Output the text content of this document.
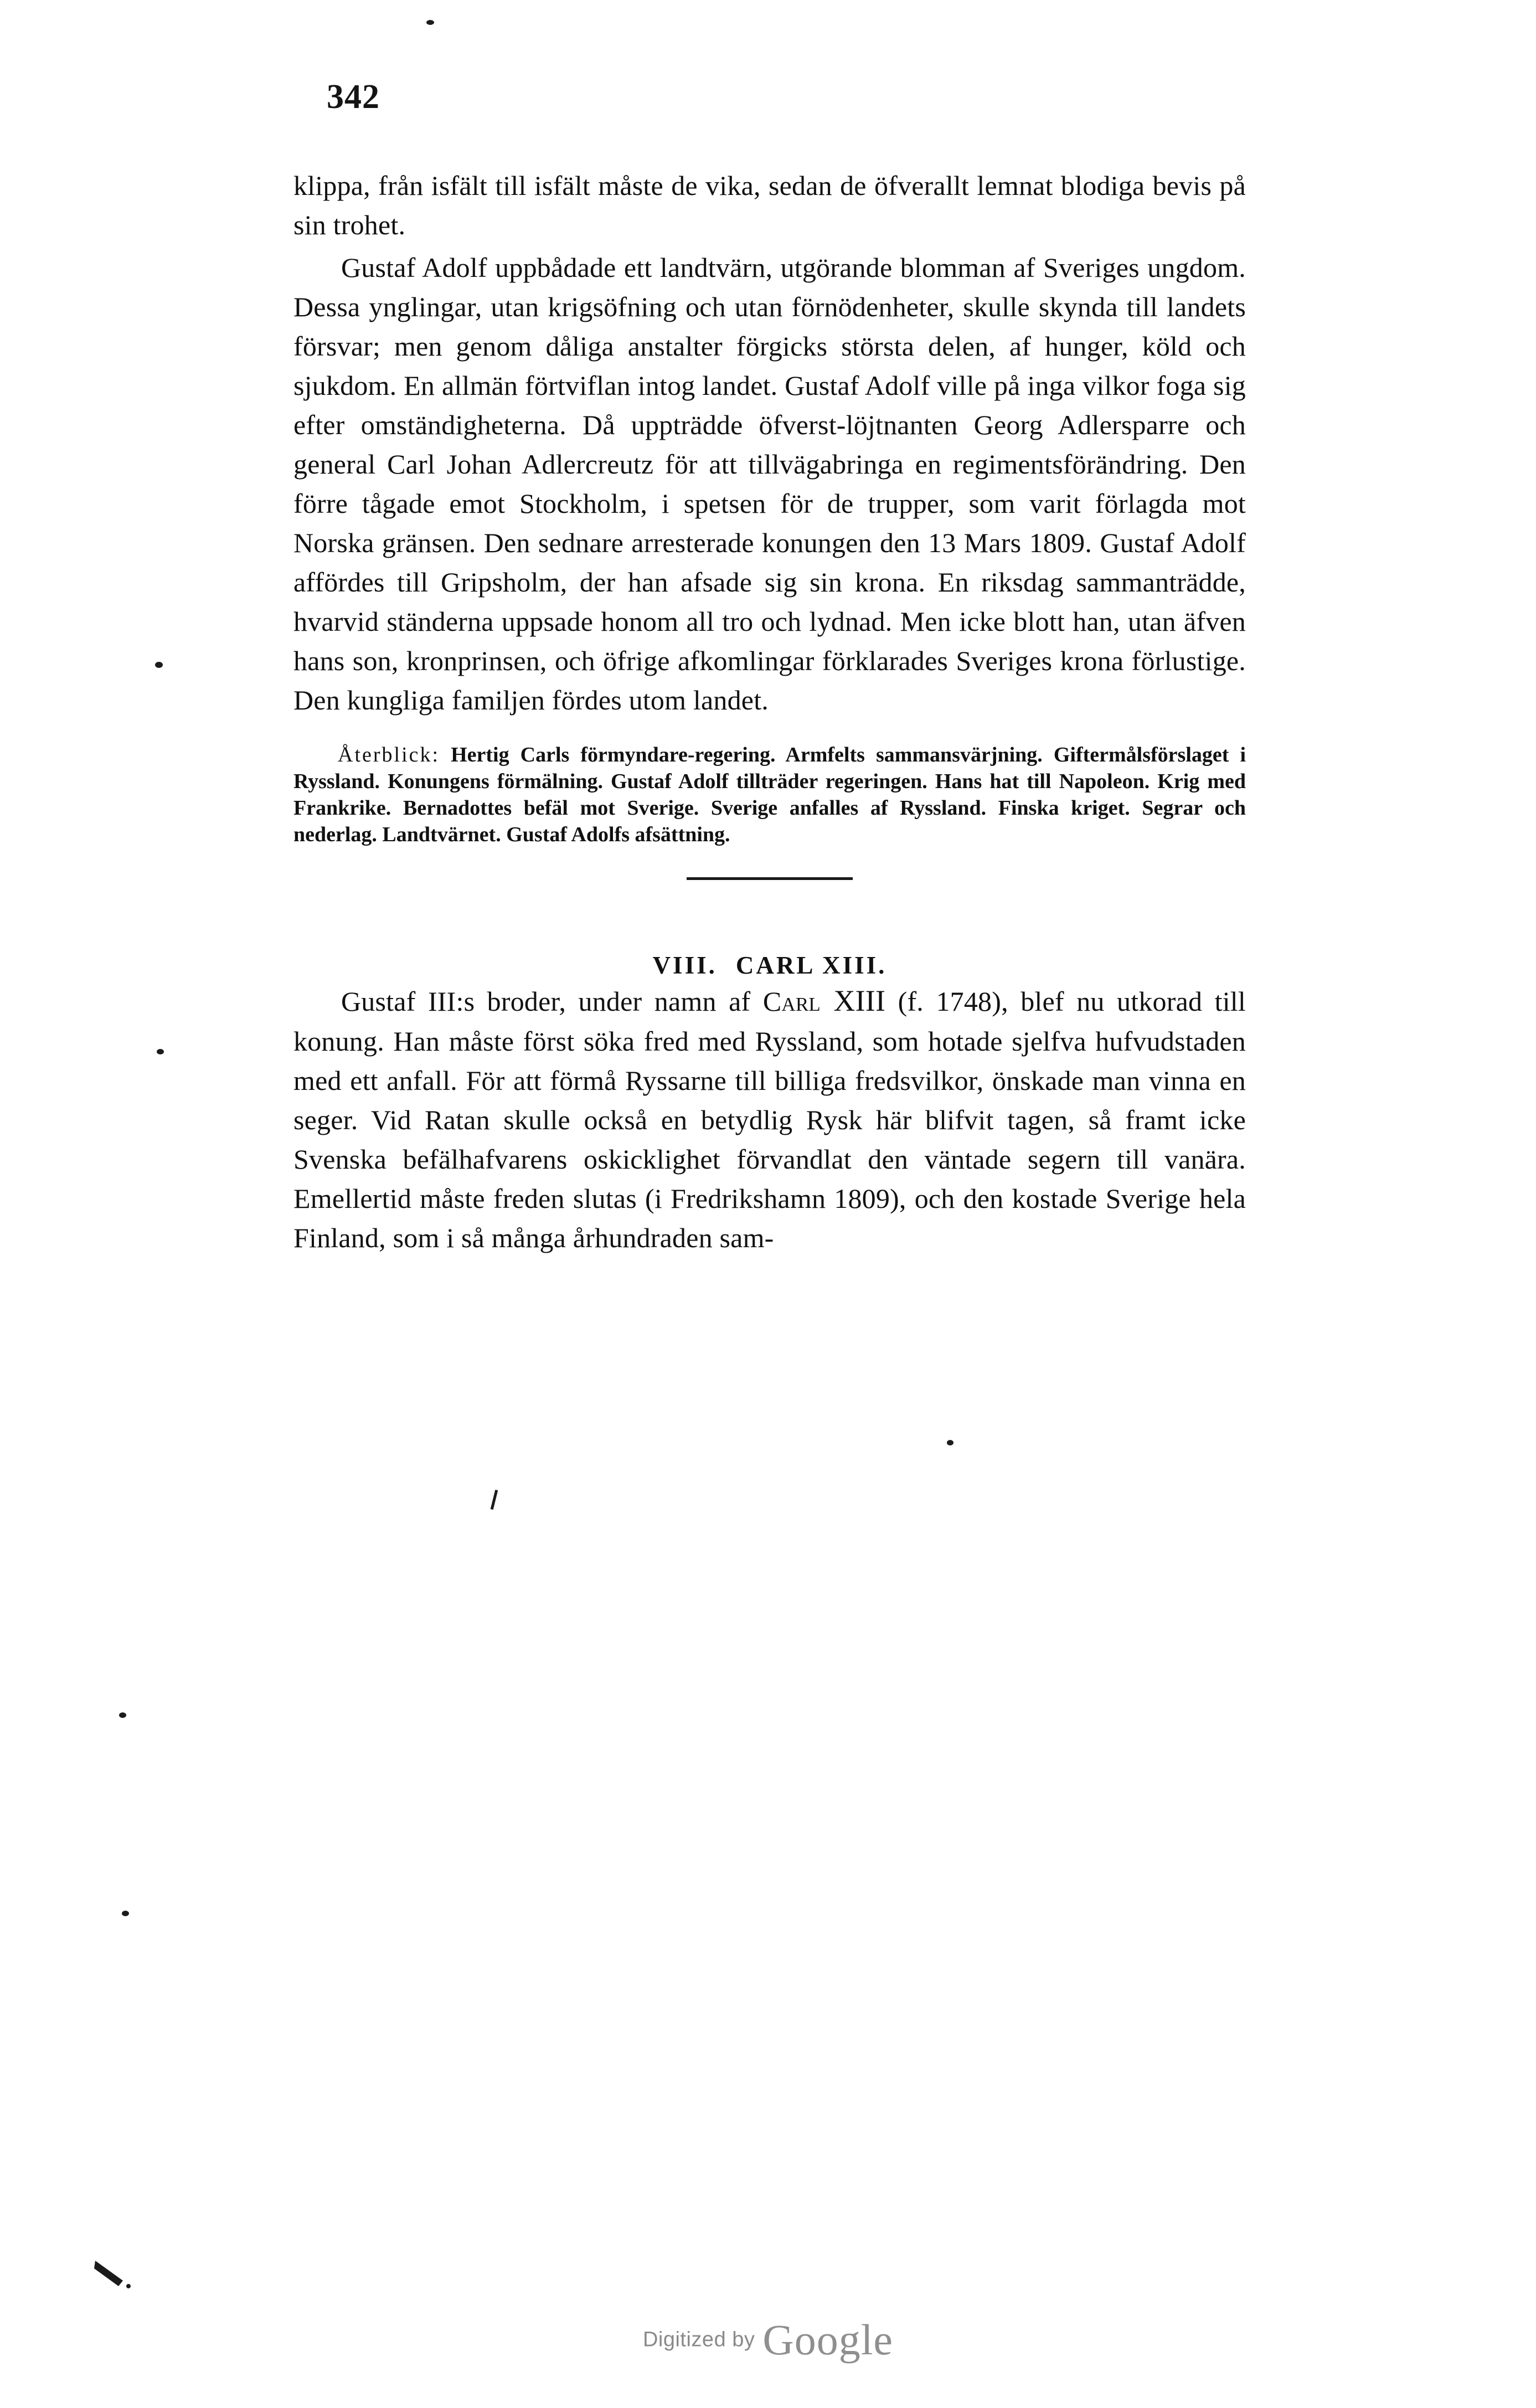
342

klippa, från isfält till isfält måste de vika, sedan de öfverallt lemnat blodiga bevis på sin trohet.

Gustaf Adolf uppbådade ett landtvärn, utgörande blomman af Sveriges ungdom. Dessa ynglingar, utan krigsöfning och utan förnödenheter, skulle skynda till landets försvar; men genom dåliga anstalter förgicks största delen, af hunger, köld och sjukdom. En allmän förtviflan intog landet. Gustaf Adolf ville på inga vilkor foga sig efter omständigheterna. Då uppträdde öfverst-löjtnanten Georg Adlersparre och general Carl Johan Adlercreutz för att tillvägabringa en regimentsförändring. Den förre tågade emot Stockholm, i spetsen för de trupper, som varit förlagda mot Norska gränsen. Den sednare arresterade konungen den 13 Mars 1809. Gustaf Adolf affördes till Gripsholm, der han afsade sig sin krona. En riksdag sammanträdde, hvarvid ständerna uppsade honom all tro och lydnad. Men icke blott han, utan äfven hans son, kronprinsen, och öfrige afkomlingar förklarades Sveriges krona förlustige. Den kungliga familjen fördes utom landet.

Återblick: Hertig Carls förmyndare-regering. Armfelts sammansvärjning. Giftermålsförslaget i Ryssland. Konungens förmälning. Gustaf Adolf tillträder regeringen. Hans hat till Napoleon. Krig med Frankrike. Bernadottes befäl mot Sverige. Sverige anfalles af Ryssland. Finska kriget. Segrar och nederlag. Landtvärnet. Gustaf Adolfs afsättning.
VIII. CARL XIII.

Gustaf III:s broder, under namn af Carl XIII (f. 1748), blef nu utkorad till konung. Han måste först söka fred med Ryssland, som hotade sjelfva hufvudstaden med ett anfall. För att förmå Ryssarne till billiga fredsvilkor, önskade man vinna en seger. Vid Ratan skulle också en betydlig Rysk här blifvit tagen, så framt icke Svenska befälhafvarens oskicklighet förvandlat den väntade segern till vanära. Emellertid måste freden slutas (i Fredrikshamn 1809), och den kostade Sverige hela Finland, som i så många århundraden sam-

Digitized by Google
